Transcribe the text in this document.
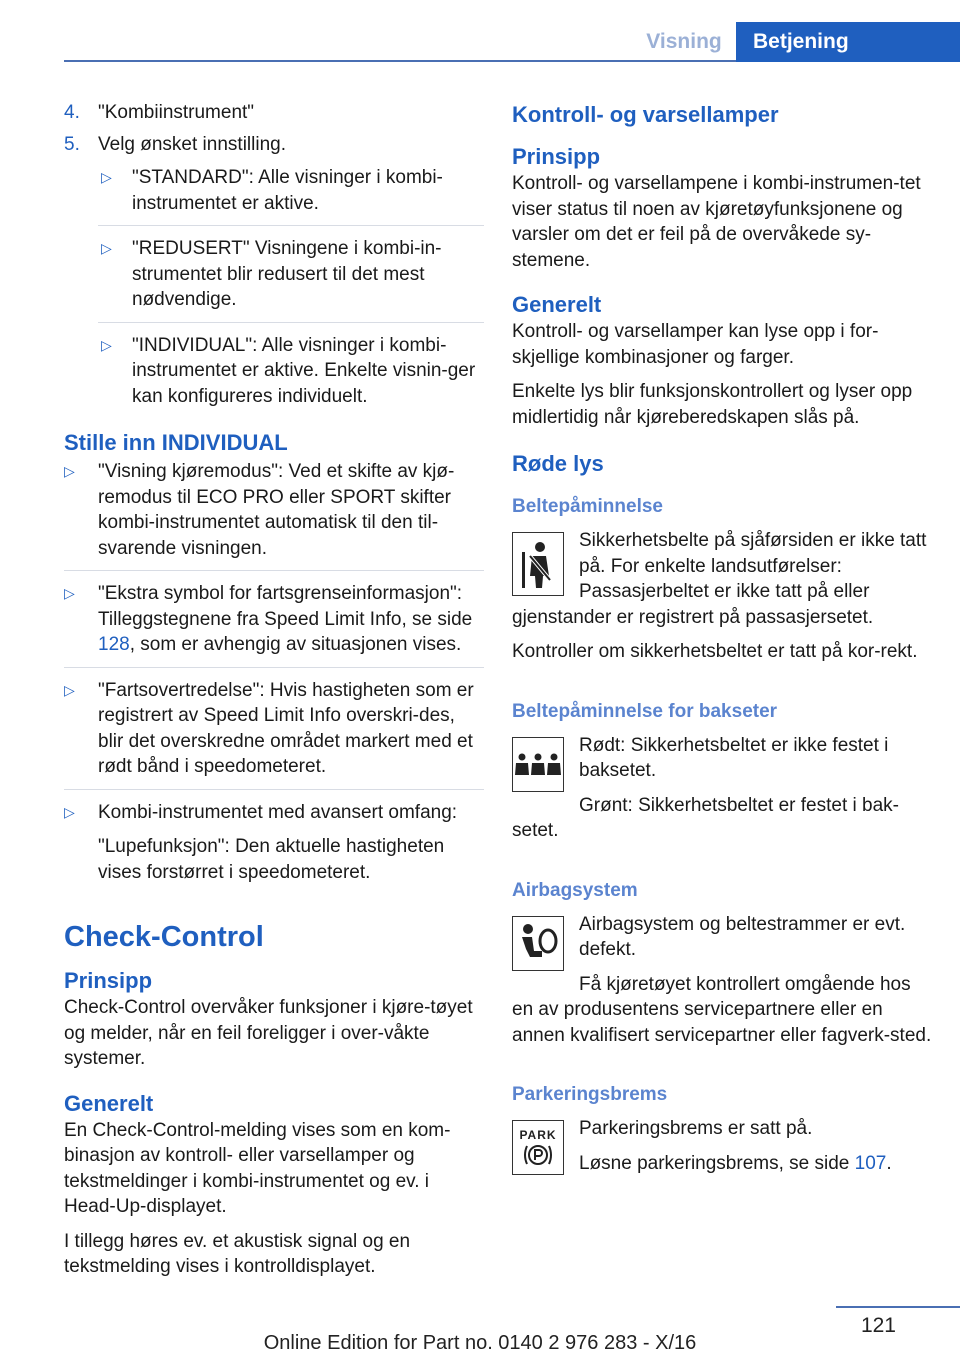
Visning	Betjening
4. "Kombiinstrument"
5. Velg ønsket innstilling.
▷ "STANDARD": Alle visninger i kombi-instrumentet er aktive.
▷ "REDUSERT" Visningene i kombi-in-strumentet blir redusert til det mest nødvendige.
▷ "INDIVIDUAL": Alle visninger i kombi-instrumentet er aktive. Enkelte visnin-ger kan konfigureres individuelt.
Stille inn INDIVIDUAL
▷ "Visning kjøremodus": Ved et skifte av kjø-remodus til ECO PRO eller SPORT skifter kombi-instrumentet automatisk til den til-svarende visningen.
▷ "Ekstra symbol for fartsgrenseinformasjon": Tilleggstegnene fra Speed Limit Info, se side 128, som er avhengig av situasjonen vises.
▷ "Fartsovertredelse": Hvis hastigheten som er registrert av Speed Limit Info overskri-des, blir det overskredne området markert med et rødt bånd i speedometeret.
▷ Kombi-instrumentet med avansert omfang:

"Lupefunksjon": Den aktuelle hastigheten vises forstørret i speedometeret.

Check-Control
Prinsipp

Check-Control overvåker funksjoner i kjøre-tøyet og melder, når en feil foreligger i over-våkte systemer.

Generelt

En Check-Control-melding vises som en kom-binasjon av kontroll- eller varsellamper og tekstmeldinger i kombi-instrumentet og ev. i Head-Up-displayet.

I tillegg høres ev. et akustisk signal og en tekstmelding vises i kontrolldisplayet.

Kontroll- og varsellamper
Prinsipp

Kontroll- og varsellampene i kombi-instrumen-tet viser status til noen av kjøretøyfunksjonene og varsler om det er feil på de overvåkede sy-stemene.

Generelt

Kontroll- og varsellamper kan lyse opp i for-skjellige kombinasjoner og farger.

Enkelte lys blir funksjonskontrollert og lyser opp midlertidig når kjøreberedskapen slås på.

Røde lys
Beltepåminnelse

Sikkerhetsbelte på sjåførsiden er ikke tatt på. For enkelte landsutførelser: Passasjerbeltet er ikke tatt på eller gjenstander er registrert på passasjersetet.

Kontroller om sikkerhetsbeltet er tatt på kor-rekt.

Beltepåminnelse for bakseter

Rødt: Sikkerhetsbeltet er ikke festet i baksetet.

Grønt: Sikkerhetsbeltet er festet i bak-setet.

Airbagsystem

Airbagsystem og beltestrammer er evt. defekt.

Få kjøretøyet kontrollert omgående hos en av produsentens servicepartnere eller en annen kvalifisert servicepartner eller fagverk-sted.

Parkeringsbrems
PARK	Parkeringsbrems er satt på.

Løsne parkeringsbrems, se side 107.

121
Online Edition for Part no. 0140 2 976 283 - X/16
